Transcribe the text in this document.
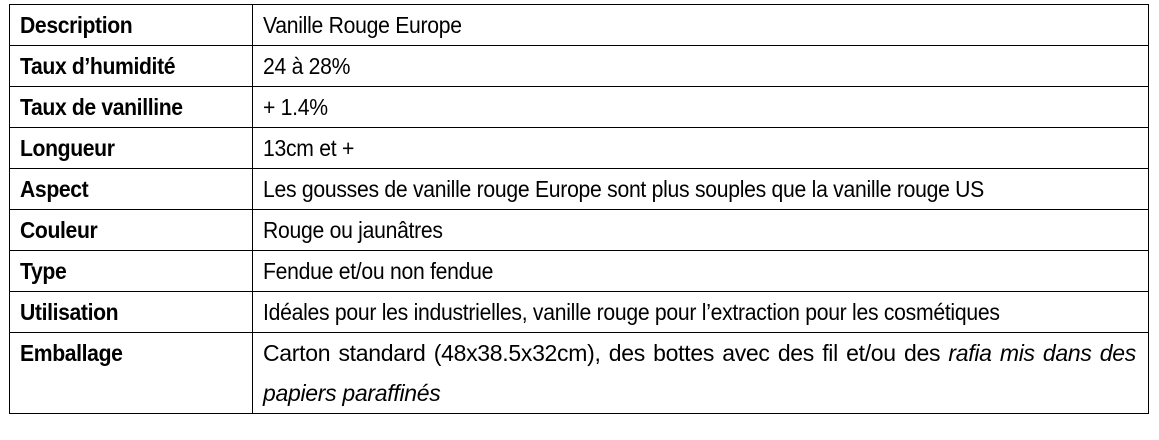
Description	Vanille Rouge Europe
Taux d’humidité	24 à 28%
Taux de vanilline	+ 1.4%
Longueur	13cm et +
Aspect	Les gousses de vanille rouge Europe sont plus souples que la vanille rouge US
Couleur	Rouge ou jaunâtres
Type	Fendue et/ou non fendue
Utilisation	Idéales pour les industrielles, vanille rouge pour l’extraction pour les cosmétiques
Emballage	Carton standard (48x38.5x32cm), des bottes avec des fil et/ou des rafia mis dans des papiers paraffinés
